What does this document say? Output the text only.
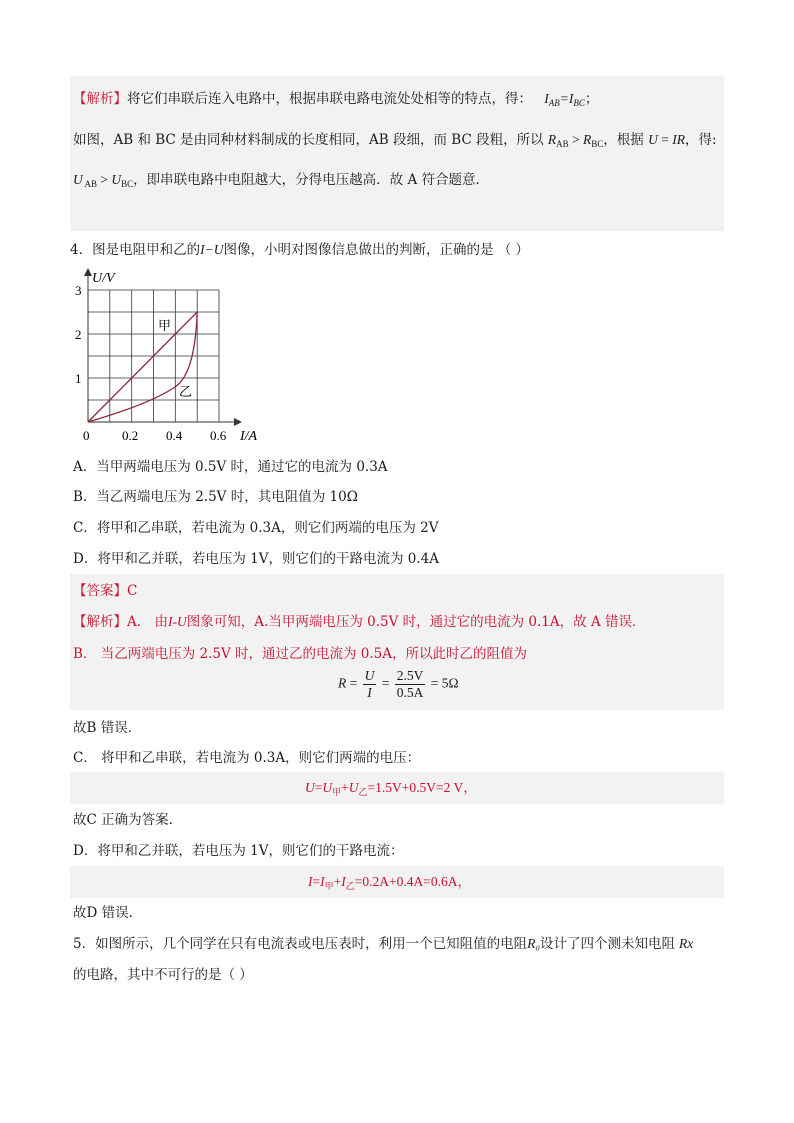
【解析】将它们串联后连入电路中，根据串联电路电流处处相等的特点，得： $I_{AB}=I_{BC}$；
如图，AB 和 BC 是由同种材料制成的长度相同，AB 段细，而 BC 段粗，所以 $R_{AB} > R_{BC}$，根据 U = IR，得:
U $_{AB} > U_{BC}$，即串联电路中电阻越大，分得电压越高．故 A 符合题意．
4．图是电阻甲和乙的I−U图像，小明对图像信息做出的判断，正确的是 （ ）
U/V
I/A
0	0.2 0.4 0.6
1
2
3
甲
乙
A．当甲两端电压为 0.5V 时，通过它的电流为 0.3A
B．当乙两端电压为 2.5V 时，其电阻值为 10Ω
C．将甲和乙串联，若电流为 0.3A，则它们两端的电压为 2V
D．将甲和乙并联，若电压为 1V，则它们的干路电流为 0.4A
【答案】C
【解析】A． 由I-U图象可知，A.当甲两端电压为 0.5V 时，通过它的电流为 0.1A，故 A 错误．
B． 当乙两端电压为 2.5V 时，通过乙的电流为 0.5A，所以此时乙的阻值为
$R = \frac{U}{I} = \frac{2.5V}{0.5A} = 5\Omega$
故B 错误．
C． 将甲和乙串联，若电流为 0.3A，则它们两端的电压：
$U=U_甲+U_乙=1.5V+0.5V=2$ V，
故C 正确为答案．
D．将甲和乙并联，若电压为 1V，则它们的干路电流：
$I=I_甲+I_乙=0.2A+0.4A=0.6A$，
故D 错误．
5．如图所示，几个同学在只有电流表或电压表时，利用一个已知阻值的电阻R₀设计了四个测未知电阻 Rx
的电路，其中不可行的是（ ）
